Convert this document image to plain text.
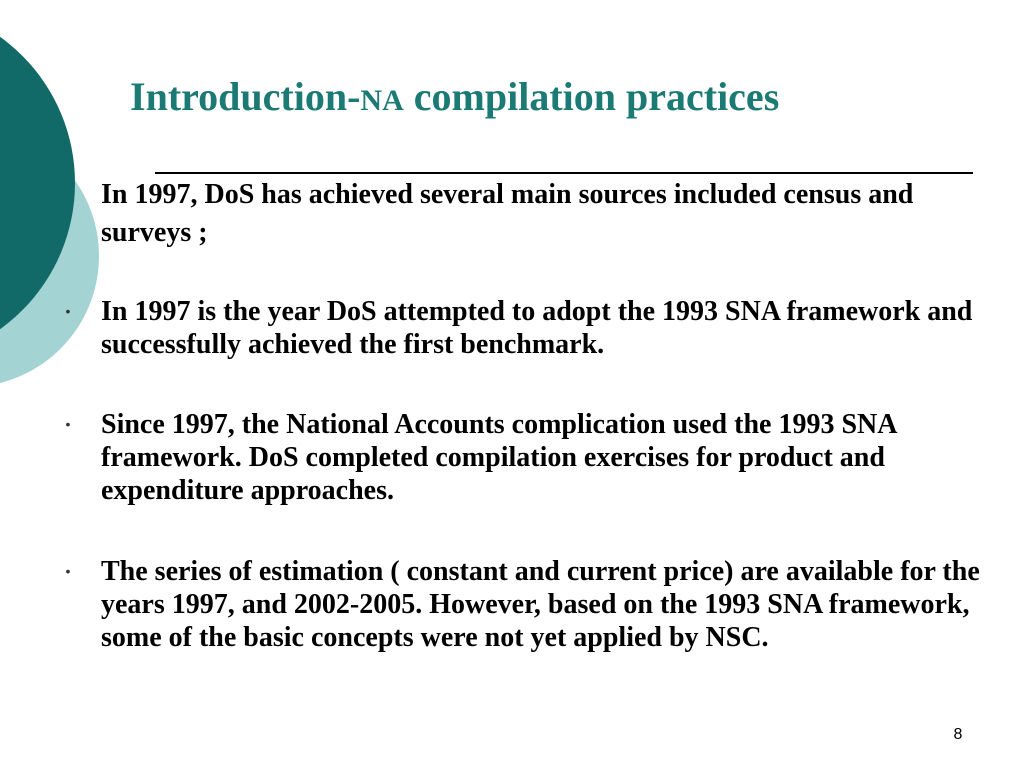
Introduction-NA compilation practices
In 1997, DoS has achieved several main sources included census and surveys ;
• In 1997 is the year DoS attempted to adopt the 1993 SNA framework and successfully achieved the first benchmark.
• Since 1997, the National Accounts complication used the 1993 SNA framework. DoS completed compilation exercises for product and expenditure approaches.
• The series of estimation ( constant and current price) are available for the years 1997, and 2002-2005. However, based on the 1993 SNA framework, some of the basic concepts were not yet applied by NSC.
8
